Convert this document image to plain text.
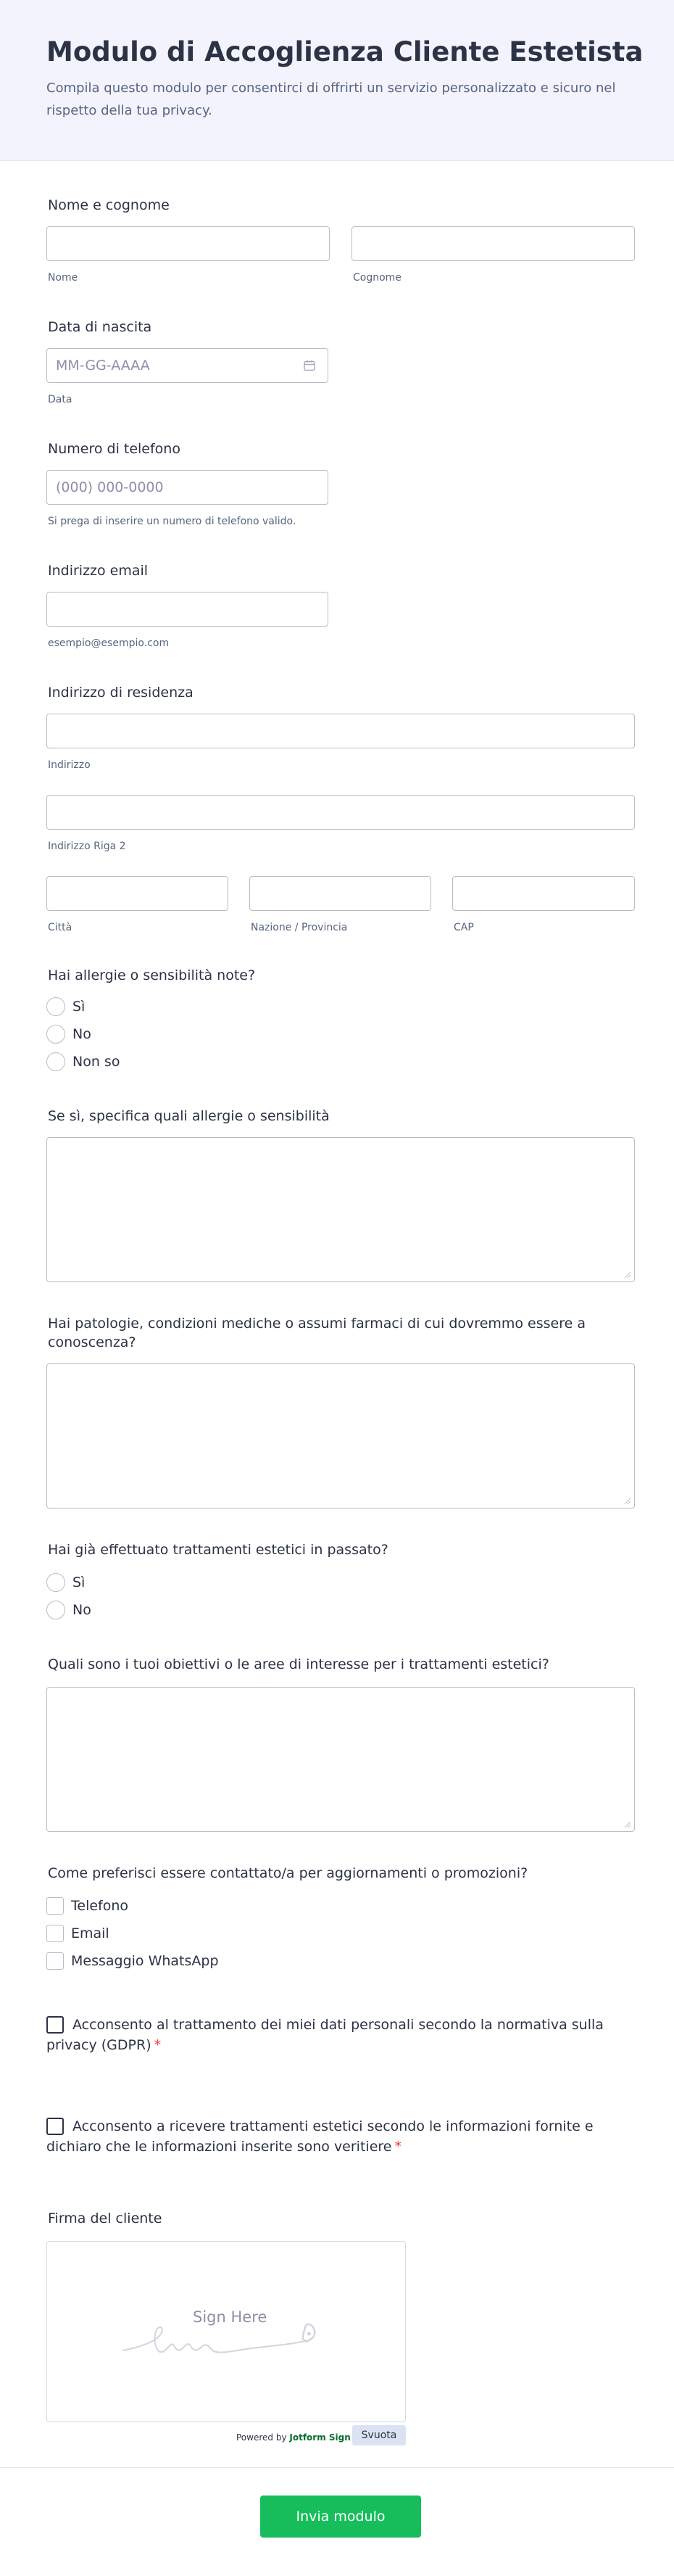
Modulo di Accoglienza Cliente Estetista

Compila questo modulo per consentirci di offrirti un servizio personalizzato e sicuro nel rispetto della tua privacy.

Nome e cognome
Nome	Cognome
Data di nascita
MM-GG-AAAA
Data
Numero di telefono
(000) 000-0000
Si prega di inserire un numero di telefono valido.
Indirizzo email
esempio@esempio.com
Indirizzo di residenza
Indirizzo
Indirizzo Riga 2
Città	Nazione / Provincia	CAP
Hai allergie o sensibilità note?
Sì
No
Non so
Se sì, specifica quali allergie o sensibilità
Hai patologie, condizioni mediche o assumi farmaci di cui dovremmo essere a conoscenza?
Hai già effettuato trattamenti estetici in passato?
Sì
No
Quali sono i tuoi obiettivi o le aree di interesse per i trattamenti estetici?
Come preferisci essere contattato/a per aggiornamenti o promozioni?
Telefono
Email
Messaggio WhatsApp
Acconsento al trattamento dei miei dati personali secondo la normativa sulla privacy (GDPR) *
Acconsento a ricevere trattamenti estetici secondo le informazioni fornite e dichiaro che le informazioni inserite sono veritiere *
Firma del cliente
Sign Here
Powered by Jotform Sign	Svuota
Invia modulo
